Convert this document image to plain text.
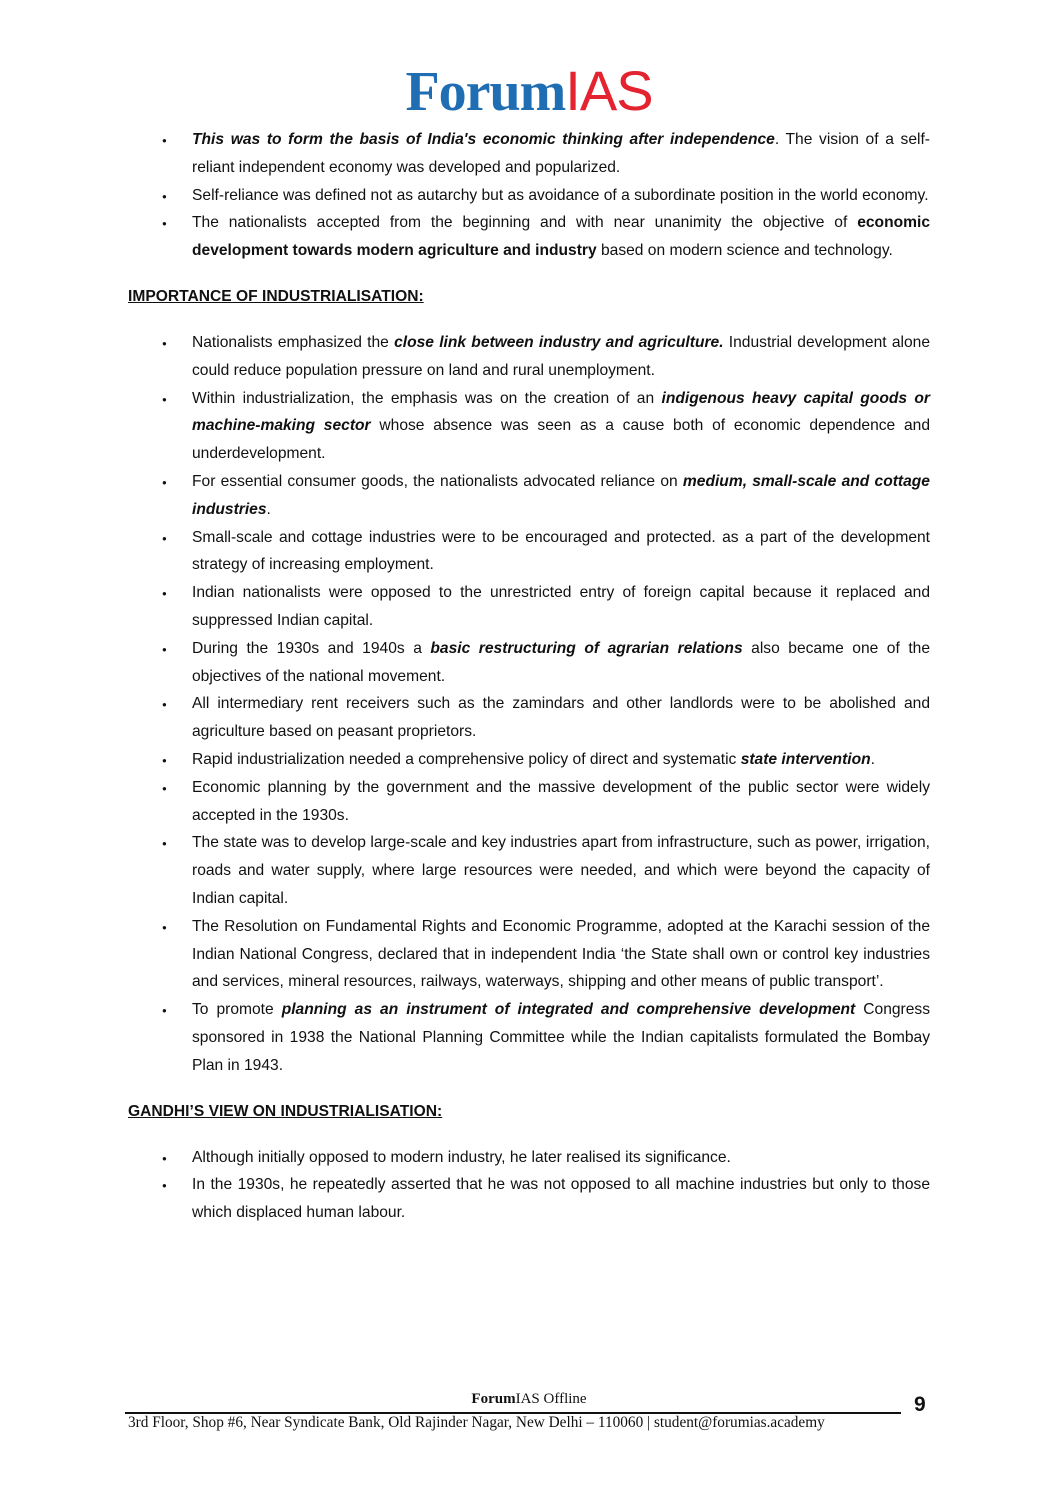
ForumIAS
● This was to form the basis of India's economic thinking after independence. The vision of a self-reliant independent economy was developed and popularized.
● Self-reliance was defined not as autarchy but as avoidance of a subordinate position in the world economy.
● The nationalists accepted from the beginning and with near unanimity the objective of economic development towards modern agriculture and industry based on modern science and technology.
IMPORTANCE OF INDUSTRIALISATION:
● Nationalists emphasized the close link between industry and agriculture. Industrial development alone could reduce population pressure on land and rural unemployment.
● Within industrialization, the emphasis was on the creation of an indigenous heavy capital goods or machine-making sector whose absence was seen as a cause both of economic dependence and underdevelopment.
● For essential consumer goods, the nationalists advocated reliance on medium, small-scale and cottage industries.
● Small-scale and cottage industries were to be encouraged and protected. as a part of the development strategy of increasing employment.
● Indian nationalists were opposed to the unrestricted entry of foreign capital because it replaced and suppressed Indian capital.
● During the 1930s and 1940s a basic restructuring of agrarian relations also became one of the objectives of the national movement.
● All intermediary rent receivers such as the zamindars and other landlords were to be abolished and agriculture based on peasant proprietors.
● Rapid industrialization needed a comprehensive policy of direct and systematic state intervention.
● Economic planning by the government and the massive development of the public sector were widely accepted in the 1930s.
● The state was to develop large-scale and key industries apart from infrastructure, such as power, irrigation, roads and water supply, where large resources were needed, and which were beyond the capacity of Indian capital.
● The Resolution on Fundamental Rights and Economic Programme, adopted at the Karachi session of the Indian National Congress, declared that in independent India ‘the State shall own or control key industries and services, mineral resources, railways, waterways, shipping and other means of public transport’.
● To promote planning as an instrument of integrated and comprehensive development Congress sponsored in 1938 the National Planning Committee while the Indian capitalists formulated the Bombay Plan in 1943.
GANDHI’S VIEW ON INDUSTRIALISATION:
● Although initially opposed to modern industry, he later realised its significance.
● In the 1930s, he repeatedly asserted that he was not opposed to all machine industries but only to those which displaced human labour.
ForumIAS Offline	9
3rd Floor, Shop #6, Near Syndicate Bank, Old Rajinder Nagar, New Delhi – 110060 | student@forumias.academy
